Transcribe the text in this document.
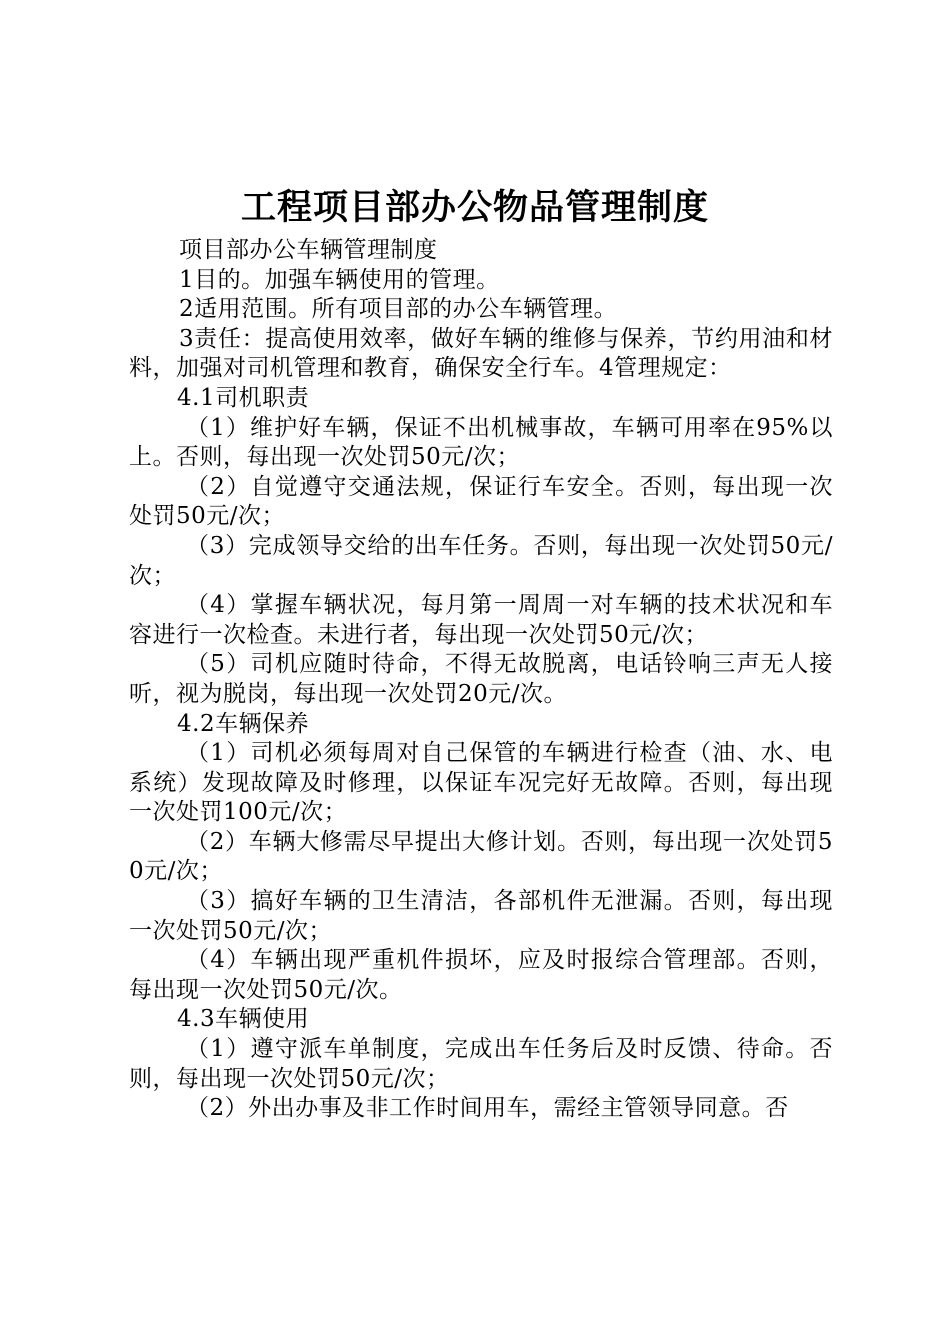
工程项目部办公物品管理制度

项目部办公车辆管理制度

1目的。加强车辆使用的管理。

2适用范围。所有项目部的办公车辆管理。

3责任：提高使用效率，做好车辆的维修与保养，节约用油和材料，加强对司机管理和教育，确保安全行车。4管理规定：

4.1司机职责

（1）维护好车辆，保证不出机械事故，车辆可用率在95%以上。否则，每出现一次处罚50元/次；

（2）自觉遵守交通法规，保证行车安全。否则，每出现一次处罚50元/次；

（3）完成领导交给的出车任务。否则，每出现一次处罚50元/次；

（4）掌握车辆状况，每月第一周周一对车辆的技术状况和车容进行一次检查。未进行者，每出现一次处罚50元/次；

（5）司机应随时待命，不得无故脱离，电话铃响三声无人接听，视为脱岗，每出现一次处罚20元/次。

4.2车辆保养

（1）司机必须每周对自己保管的车辆进行检查（油、水、电系统）发现故障及时修理，以保证车况完好无故障。否则，每出现一次处罚100元/次；

（2）车辆大修需尽早提出大修计划。否则，每出现一次处罚50元/次；

（3）搞好车辆的卫生清洁，各部机件无泄漏。否则，每出现一次处罚50元/次；

（4）车辆出现严重机件损坏，应及时报综合管理部。否则，每出现一次处罚50元/次。

4.3车辆使用

（1）遵守派车单制度，完成出车任务后及时反馈、待命。否则，每出现一次处罚50元/次；

（2）外出办事及非工作时间用车，需经主管领导同意。否
